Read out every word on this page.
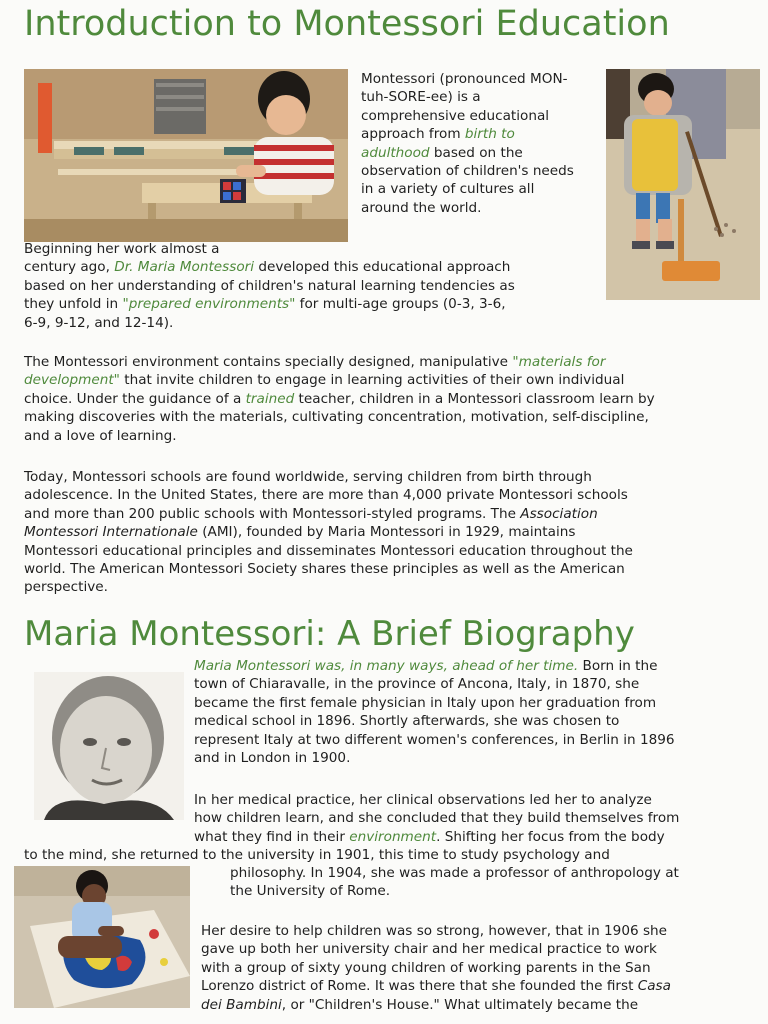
Introduction to Montessori Education
Montessori (pronounced MON-
tuh-SORE-ee) is a
comprehensive educational
approach from birth to
adulthood based on the
observation of children's needs
in a variety of cultures all
around the world.
Beginning her work almost a
century ago, Dr. Maria Montessori developed this educational approach
based on her understanding of children's natural learning tendencies as
they unfold in "prepared environments" for multi-age groups (0-3, 3-6,
6-9, 9-12, and 12-14).
The Montessori environment contains specially designed, manipulative "materials for
development" that invite children to engage in learning activities of their own individual
choice. Under the guidance of a trained teacher, children in a Montessori classroom learn by
making discoveries with the materials, cultivating concentration, motivation, self-discipline,
and a love of learning.
Today, Montessori schools are found worldwide, serving children from birth through
adolescence. In the United States, there are more than 4,000 private Montessori schools
and more than 200 public schools with Montessori-styled programs. The Association
Montessori Internationale (AMI), founded by Maria Montessori in 1929, maintains
Montessori educational principles and disseminates Montessori education throughout the
world. The American Montessori Society shares these principles as well as the American
perspective.
Maria Montessori: A Brief Biography
Maria Montessori was, in many ways, ahead of her time. Born in the
town of Chiaravalle, in the province of Ancona, Italy, in 1870, she
became the first female physician in Italy upon her graduation from
medical school in 1896. Shortly afterwards, she was chosen to
represent Italy at two different women's conferences, in Berlin in 1896
and in London in 1900.
In her medical practice, her clinical observations led her to analyze
how children learn, and she concluded that they build themselves from
what they find in their environment. Shifting her focus from the body
to the mind, she returned to the university in 1901, this time to study psychology and
philosophy. In 1904, she was made a professor of anthropology at
the University of Rome.
Her desire to help children was so strong, however, that in 1906 she
gave up both her university chair and her medical practice to work
with a group of sixty young children of working parents in the San
Lorenzo district of Rome. It was there that she founded the first Casa
dei Bambini, or "Children's House." What ultimately became the
